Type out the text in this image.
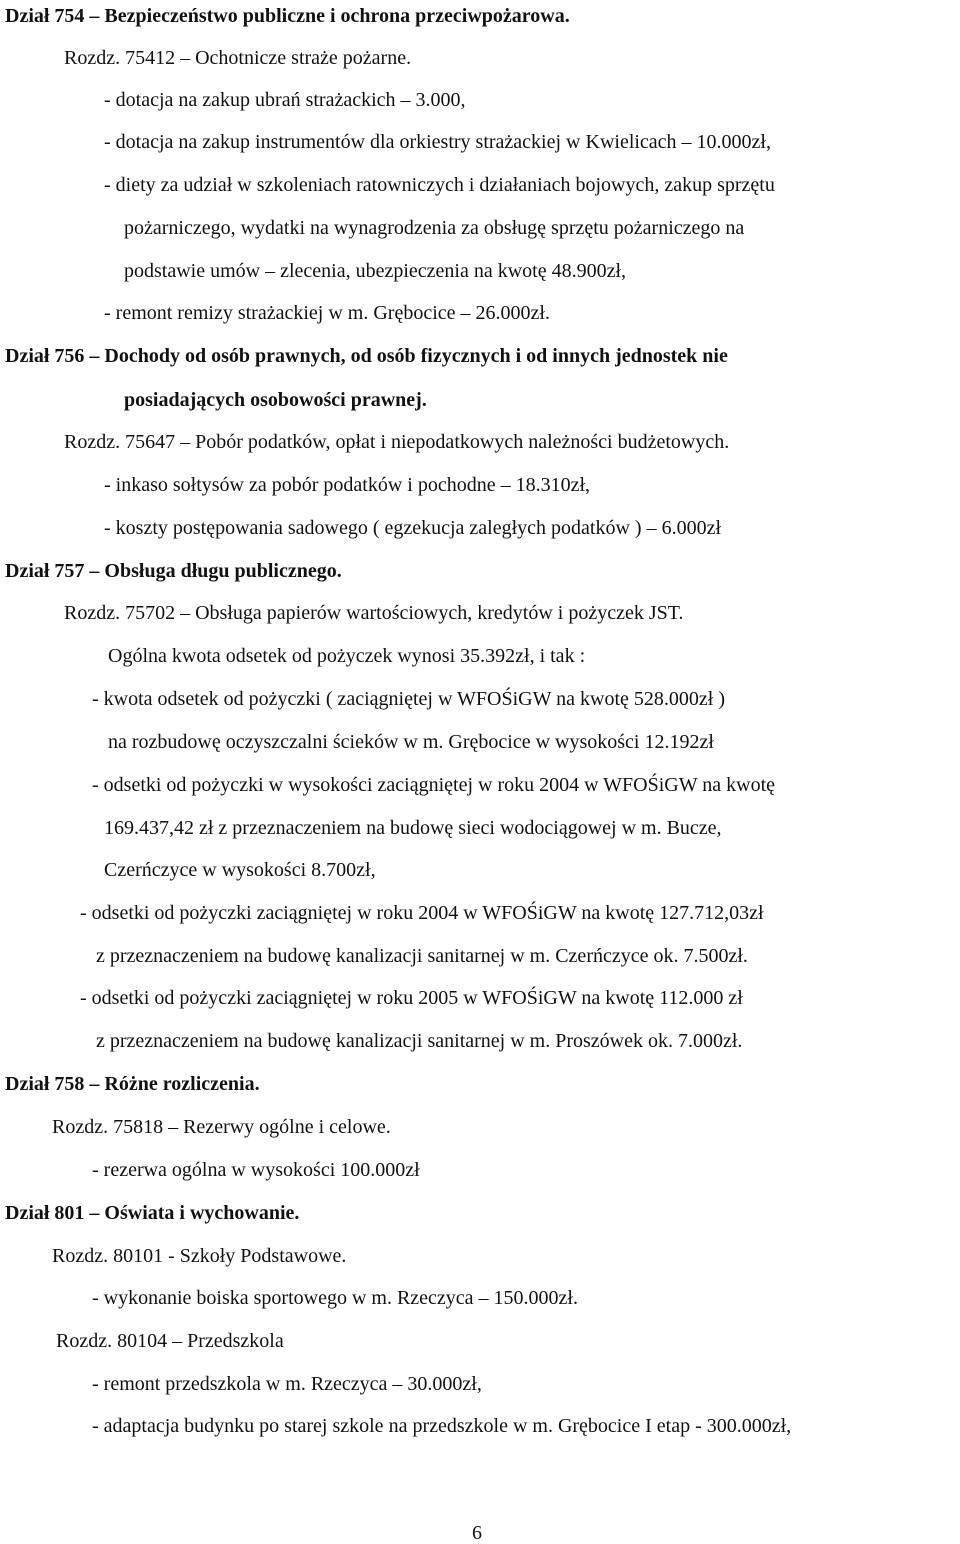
Dział 754 – Bezpieczeństwo publiczne i ochrona przeciwpożarowa.
Rozdz. 75412 – Ochotnicze straże pożarne.
- dotacja na zakup ubrań strażackich – 3.000,
- dotacja na zakup instrumentów dla orkiestry strażackiej w Kwielicach – 10.000zł,
- diety za udział w szkoleniach ratowniczych i działaniach bojowych, zakup sprzętu
pożarniczego, wydatki na wynagrodzenia za obsługę sprzętu pożarniczego na
podstawie umów – zlecenia, ubezpieczenia na kwotę 48.900zł,
- remont remizy strażackiej w m. Grębocice – 26.000zł.
Dział 756 – Dochody od osób prawnych, od osób fizycznych i od innych jednostek nie
posiadających osobowości prawnej.
Rozdz. 75647 – Pobór podatków, opłat i niepodatkowych należności budżetowych.
- inkaso sołtysów za pobór podatków i pochodne – 18.310zł,
- koszty postępowania sadowego ( egzekucja zaległych podatków ) – 6.000zł
Dział 757 – Obsługa długu publicznego.
Rozdz. 75702 – Obsługa papierów wartościowych, kredytów i pożyczek JST.
Ogólna kwota odsetek od pożyczek wynosi 35.392zł, i tak :
- kwota odsetek od pożyczki ( zaciągniętej w WFOŚiGW na kwotę 528.000zł )
na rozbudowę oczyszczalni ścieków w m. Grębocice w wysokości 12.192zł
- odsetki od pożyczki w wysokości zaciągniętej w roku 2004 w WFOŚiGW na kwotę
169.437,42 zł z przeznaczeniem na budowę sieci wodociągowej w m. Bucze,
Czerńczyce w wysokości 8.700zł,
- odsetki od pożyczki zaciągniętej w roku 2004 w WFOŚiGW na kwotę 127.712,03zł
z przeznaczeniem na budowę kanalizacji sanitarnej w m. Czerńczyce ok. 7.500zł.
- odsetki od pożyczki zaciągniętej w roku 2005 w WFOŚiGW na kwotę 112.000 zł
z przeznaczeniem na budowę kanalizacji sanitarnej w m. Proszówek ok. 7.000zł.
Dział 758 – Różne rozliczenia.
Rozdz. 75818 – Rezerwy ogólne i celowe.
- rezerwa ogólna w wysokości 100.000zł
Dział 801 – Oświata i wychowanie.
Rozdz. 80101 - Szkoły Podstawowe.
- wykonanie boiska sportowego w m. Rzeczyca – 150.000zł.
Rozdz. 80104 – Przedszkola
- remont przedszkola w m. Rzeczyca – 30.000zł,
- adaptacja budynku po starej szkole na przedszkole w m. Grębocice I etap - 300.000zł,
6
